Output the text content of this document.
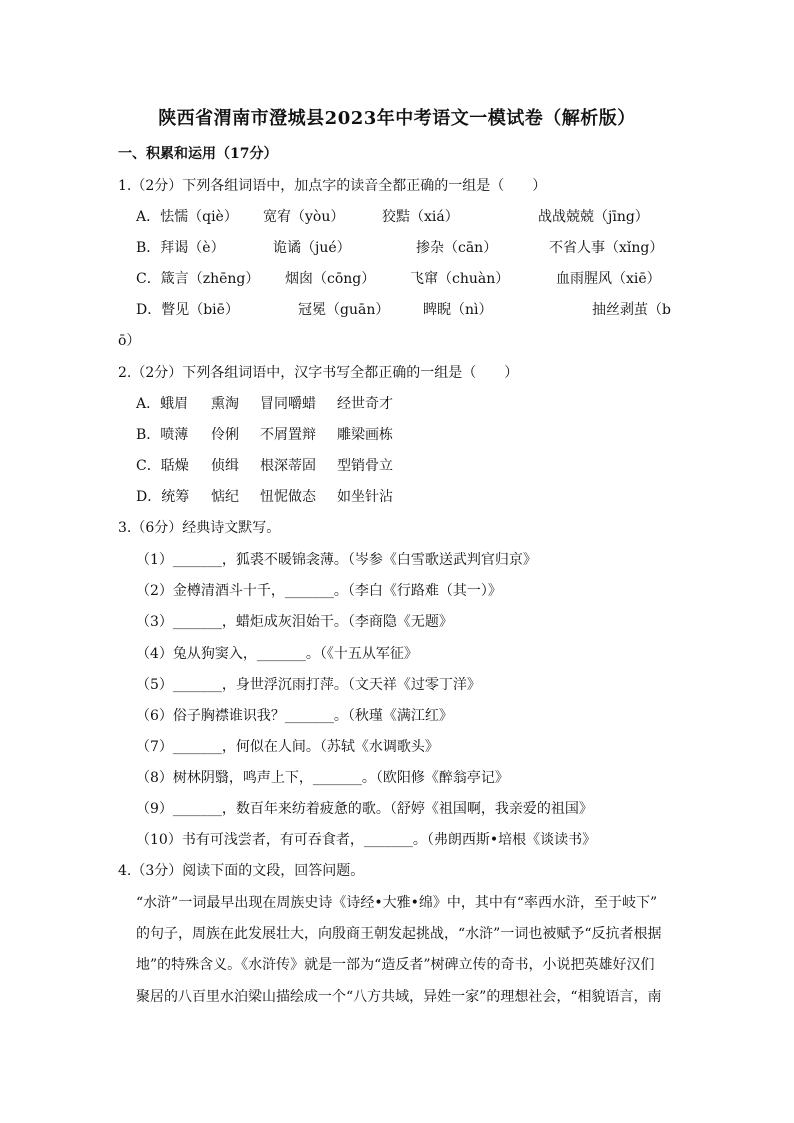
陕西省渭南市澄城县2023年中考语文一模试卷（解析版）
一、积累和运用（17分）
1.（2分）下列各组词语中，加点字的读音全都正确的一组是（　　）
A．怯懦（qiè） 宽宥（yòu）	狡黠（xiá）	战战兢兢（jīng）
B．拜谒（è）	诡谲（jué）	掺杂（cān）	不省人事（xǐng）
C．箴言（zhēng） 烟囱（cōng） 飞窜（chuàn）	血雨腥风（xiē）
D．瞥见（biē）	冠冕（guān） 睥睨（nì）	抽丝剥茧（b
ō）
2.（2分）下列各组词语中，汉字书写全都正确的一组是（　　）
A．蛾眉 熏淘 冒同嚼蜡 经世奇才
B．喷薄 伶俐 不屑置辩 雕梁画栋
C．聒燥 侦缉 根深蒂固 型销骨立
D．统筹 惦纪 忸怩做态 如坐针沾
3.（6分）经典诗文默写。
（1）_______，狐裘不暖锦衾薄。（岑参《白雪歌送武判官归京》
（2）金樽清酒斗十千，_______。（李白《行路难（其一）》
（3）_______，蜡炬成灰泪始干。（李商隐《无题》
（4）兔从狗窦入，_______。（《十五从军征》
（5）_______，身世浮沉雨打萍。（文天祥《过零丁洋》
（6）俗子胸襟谁识我？_______。（秋瑾《满江红》
（7）_______，何似在人间。（苏轼《水调歌头》
（8）树林阴翳，鸣声上下，_______。（欧阳修《醉翁亭记》
（9）_______，数百年来纺着疲惫的歌。（舒婷《祖国啊，我亲爱的祖国》
（10）书有可浅尝者，有可吞食者，_______。（弗朗西斯•培根《谈读书》
4.（3分）阅读下面的文段，回答问题。
“水浒”一词最早出现在周族史诗《诗经•大雅•绵》中，其中有“率西水浒，至于岐下”
的句子，周族在此发展壮大，向殷商王朝发起挑战，“水浒”一词也被赋予“反抗者根据
地”的特殊含义。《水浒传》就是一部为“造反者”树碑立传的奇书，小说把英雄好汉们
聚居的八百里水泊梁山描绘成一个“八方共域，异姓一家”的理想社会，“相貌语言，南
